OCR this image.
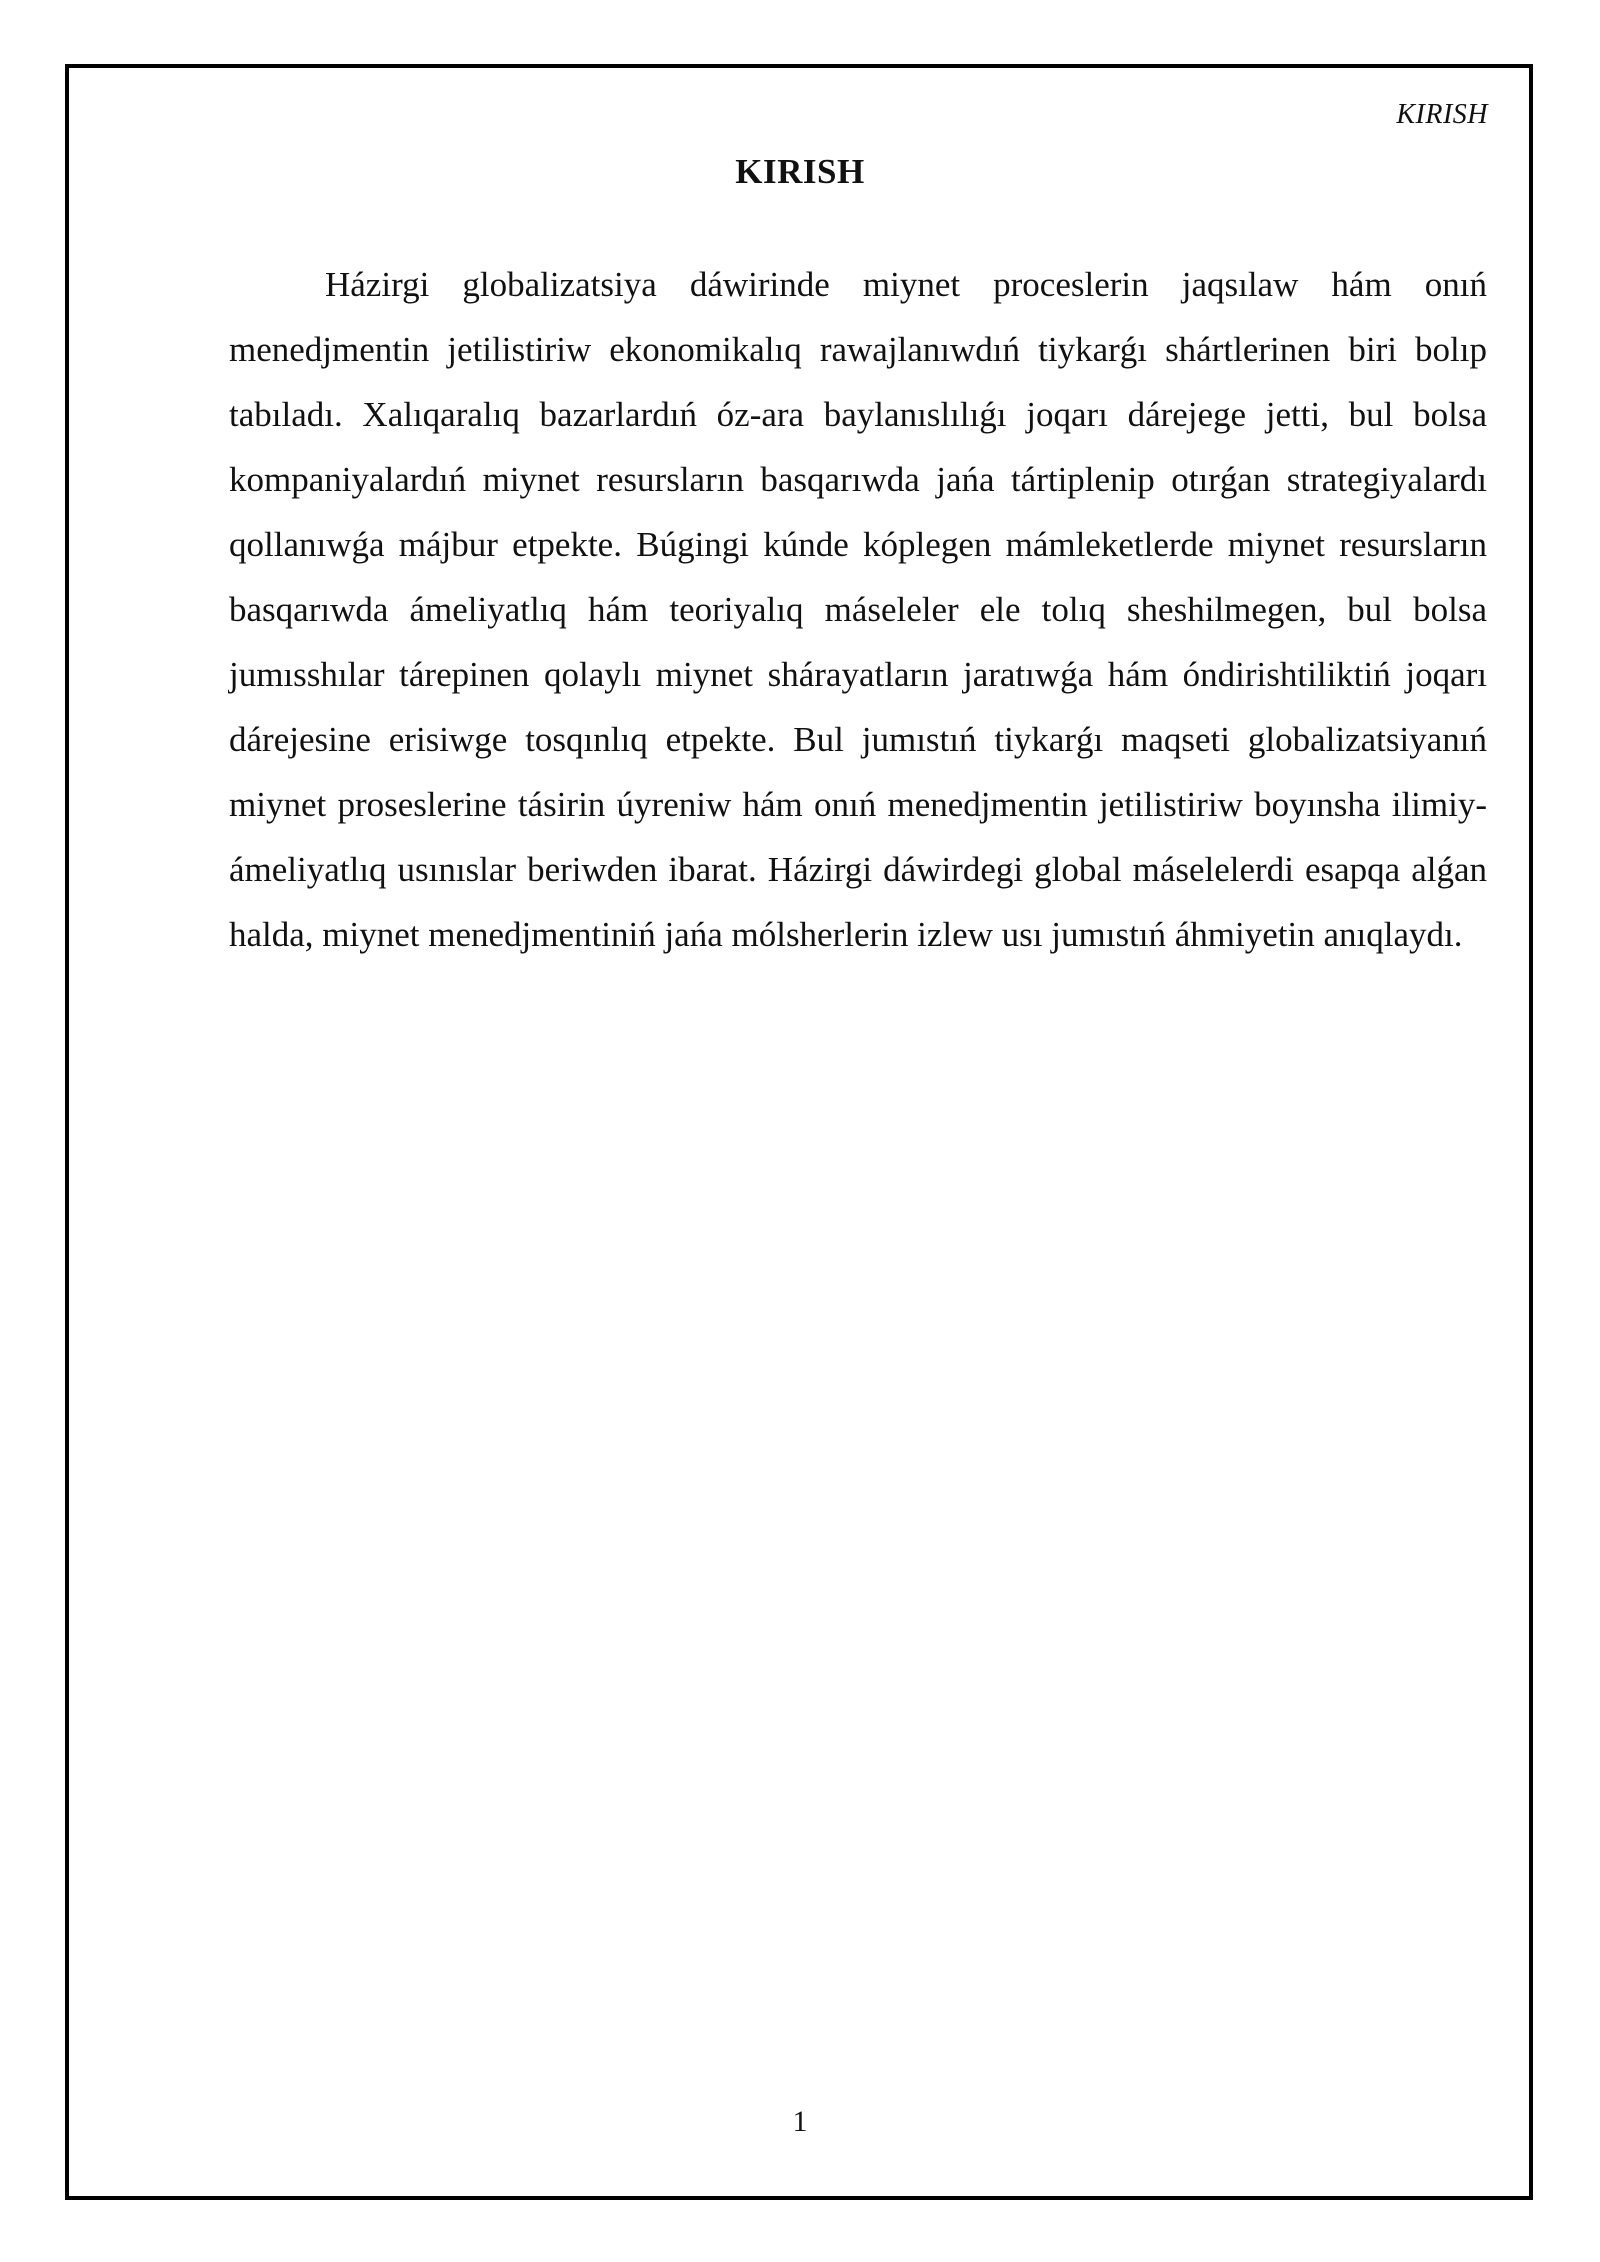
KIRISH
KIRISH

Házirgi globalizatsiya dáwirinde miynet proceslerin jaqsılaw hám onıń menedjmentin jetilistiriw ekonomikalıq rawajlanıwdıń tiykarǵı shártlerinen biri bolıp tabıladı. Xalıqaralıq bazarlardıń óz-ara baylanıslılıǵı joqarı dárejege jetti, bul bolsa kompaniyalardıń miynet resursların basqarıwda jańa tártiplenip otırǵan strategiyalardı qollanıwǵa májbur etpekte. Búgingi kúnde kóplegen mámleketlerde miynet resursların basqarıwda ámeliyatlıq hám teoriyalıq máseleler ele tolıq sheshilmegen, bul bolsa jumısshılar tárepinen qolaylı miynet shárayatların jaratıwǵa hám óndirishtiliktiń joqarı dárejesine erisiwge tosqınlıq etpekte. Bul jumıstıń tiykarǵı maqseti globalizatsiyanıń miynet proseslerine tásirin úyreniw hám onıń menedjmentin jetilistiriw boyınsha ilimiy-ámeliyatlıq usınıslar beriwden ibarat. Házirgi dáwirdegi global máselelerdi esapqa alǵan halda, miynet menedjmentiniń jańa mólsherlerin izlew usı jumıstıń áhmiyetin anıqlaydı.

1
